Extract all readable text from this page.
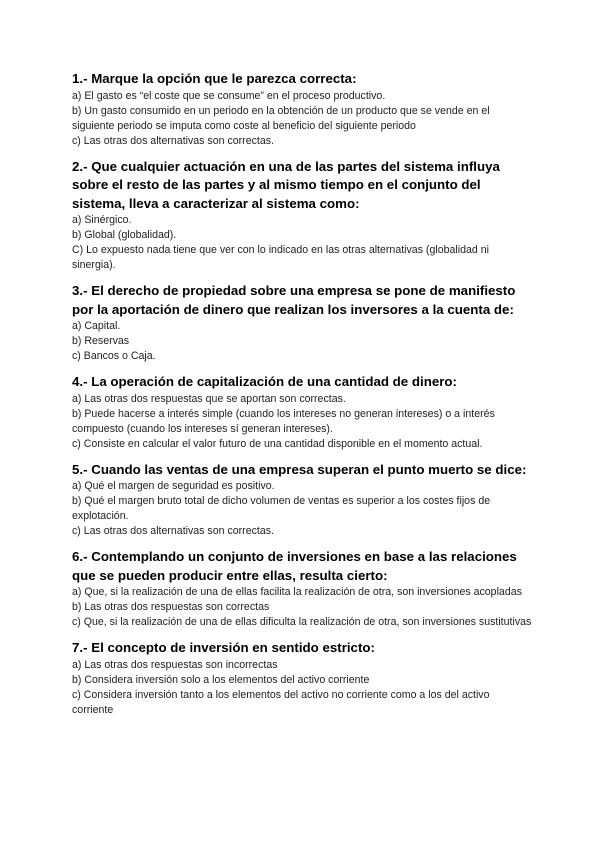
1.- Marque la opción que le parezca correcta:

a) El gasto es “el coste que se consume” en el proceso productivo.

b) Un gasto consumido en un periodo en la obtención de un producto que se vende en el siguiente periodo se imputa como coste al beneficio del siguiente periodo

c) Las otras dos alternativas son correctas.

2.- Que cualquier actuación en una de las partes del sistema influya sobre el resto de las partes y al mismo tiempo en el conjunto del sistema, lleva a caracterizar al sistema como:

a) Sinérgico.

b) Global (globalidad).

C) Lo expuesto nada tiene que ver con lo indicado en las otras alternativas (globalidad ni sinergia).

3.- El derecho de propiedad sobre una empresa se pone de manifiesto por la aportación de dinero que realizan los inversores a la cuenta de:

a) Capital.

b) Reservas

c) Bancos o Caja.

4.- La operación de capitalización de una cantidad de dinero:

a) Las otras dos respuestas que se aportan son correctas.

b) Puede hacerse a interés simple (cuando los intereses no generan intereses) o a interés compuesto (cuando los intereses sí generan intereses).

c) Consiste en calcular el valor futuro de una cantidad disponible en el momento actual.

5.- Cuando las ventas de una empresa superan el punto muerto se dice:

a) Qué el margen de seguridad es positivo.

b) Qué el margen bruto total de dicho volumen de ventas es superior a los costes fijos de explotación.

c) Las otras dos alternativas son correctas.

6.- Contemplando un conjunto de inversiones en base a las relaciones que se pueden producir entre ellas, resulta cierto:

a) Que, si la realización de una de ellas facilita la realización de otra, son inversiones acopladas

b) Las otras dos respuestas son correctas

c) Que, si la realización de una de ellas dificulta la realización de otra, son inversiones sustitutivas

7.- El concepto de inversión en sentido estricto:

a) Las otras dos respuestas son incorrectas

b) Considera inversión solo a los elementos del activo corriente

c) Considera inversión tanto a los elementos del activo no corriente como a los del activo corriente
